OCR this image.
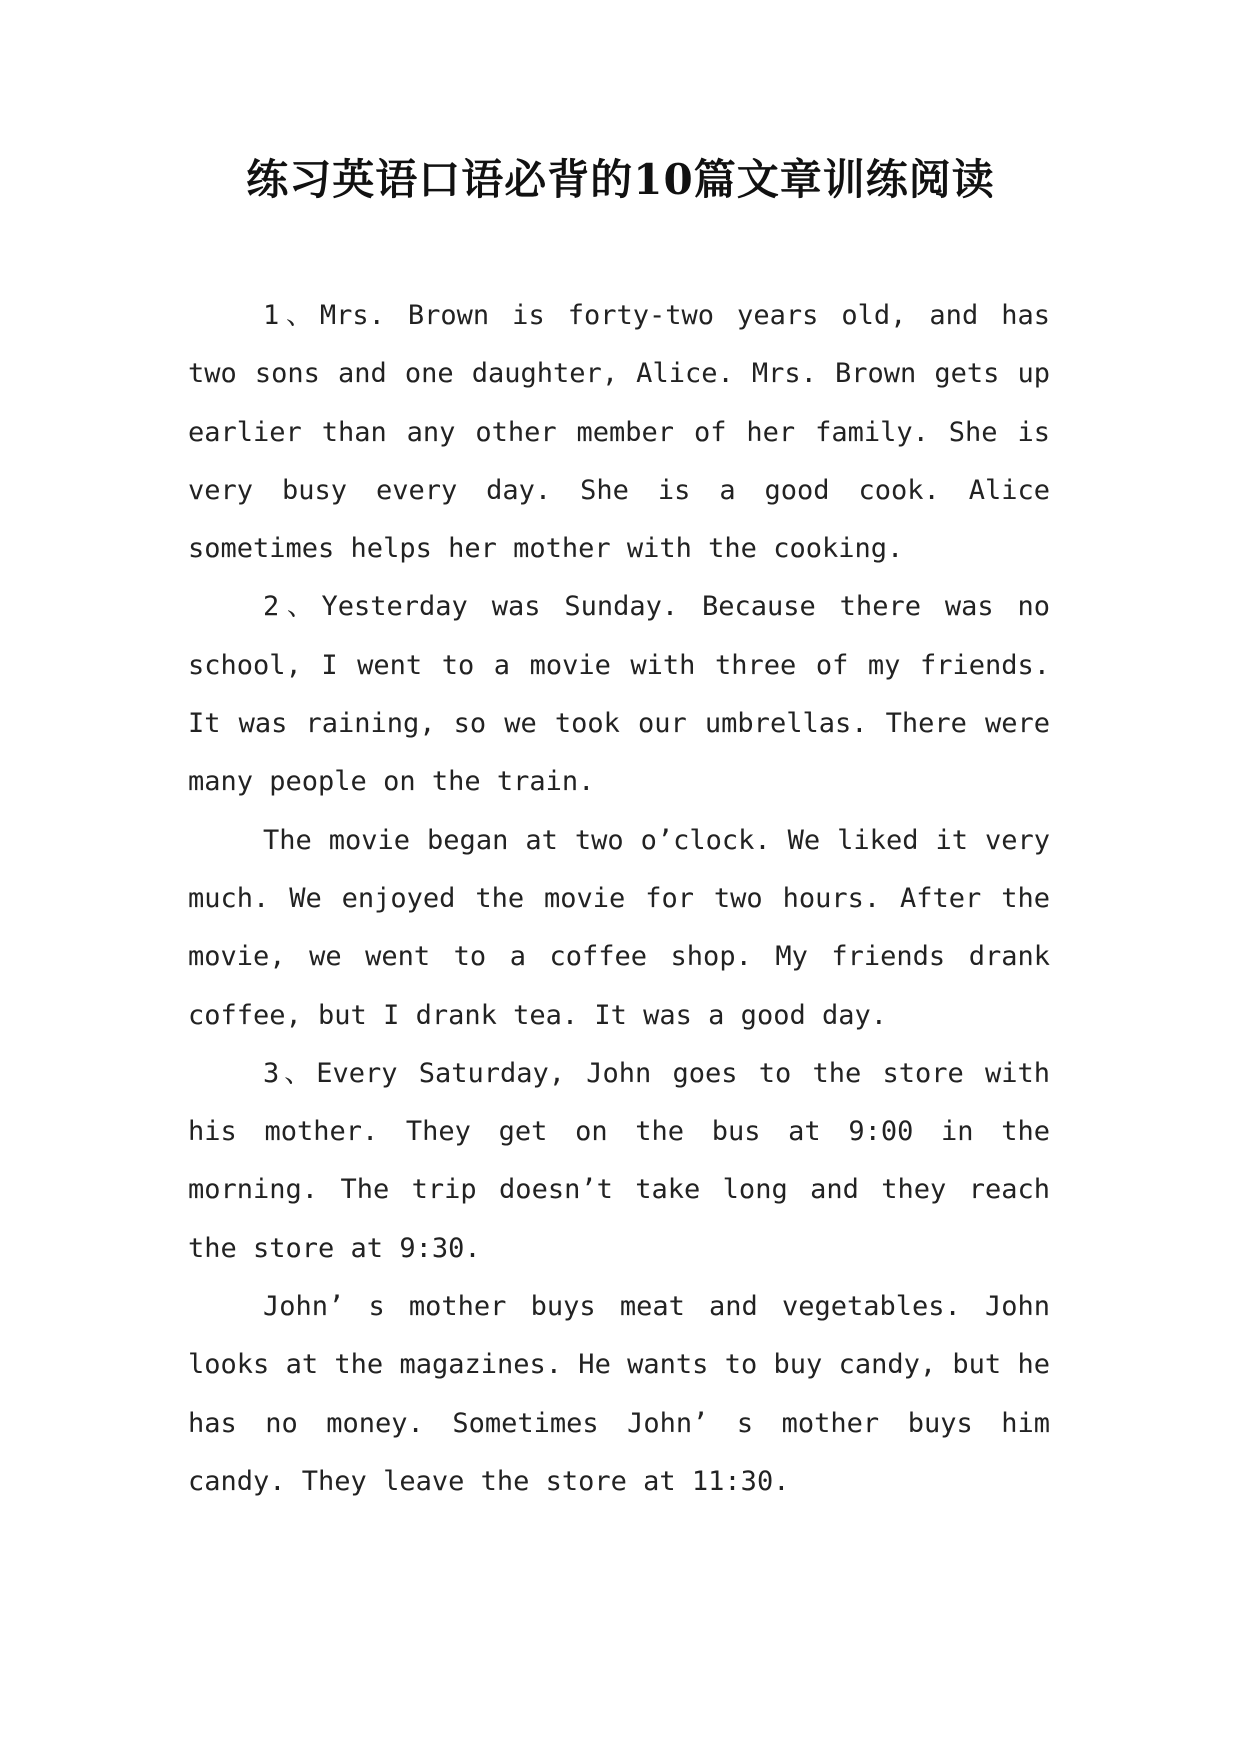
练习英语口语必背的10篇文章训练阅读

1、Mrs. Brown is forty-two years old, and has two sons and one daughter, Alice. Mrs. Brown gets up earlier than any other member of her family. She is very busy every day. She is a good cook. Alice sometimes helps her mother with the cooking.

2、Yesterday was Sunday. Because there was no school, I went to a movie with three of my friends. It was raining, so we took our umbrellas. There were many people on the train.

The movie began at two o’clock. We liked it very much. We enjoyed the movie for two hours. After the movie, we went to a coffee shop. My friends drank coffee, but I drank tea. It was a good day.

3、Every Saturday, John goes to the store with his mother. They get on the bus at 9:00 in the morning. The trip doesn’t take long and they reach the store at 9:30.

John’ s mother buys meat and vegetables. John looks at the magazines. He wants to buy candy, but he has no money. Sometimes John’ s mother buys him candy. They leave the store at 11:30.
